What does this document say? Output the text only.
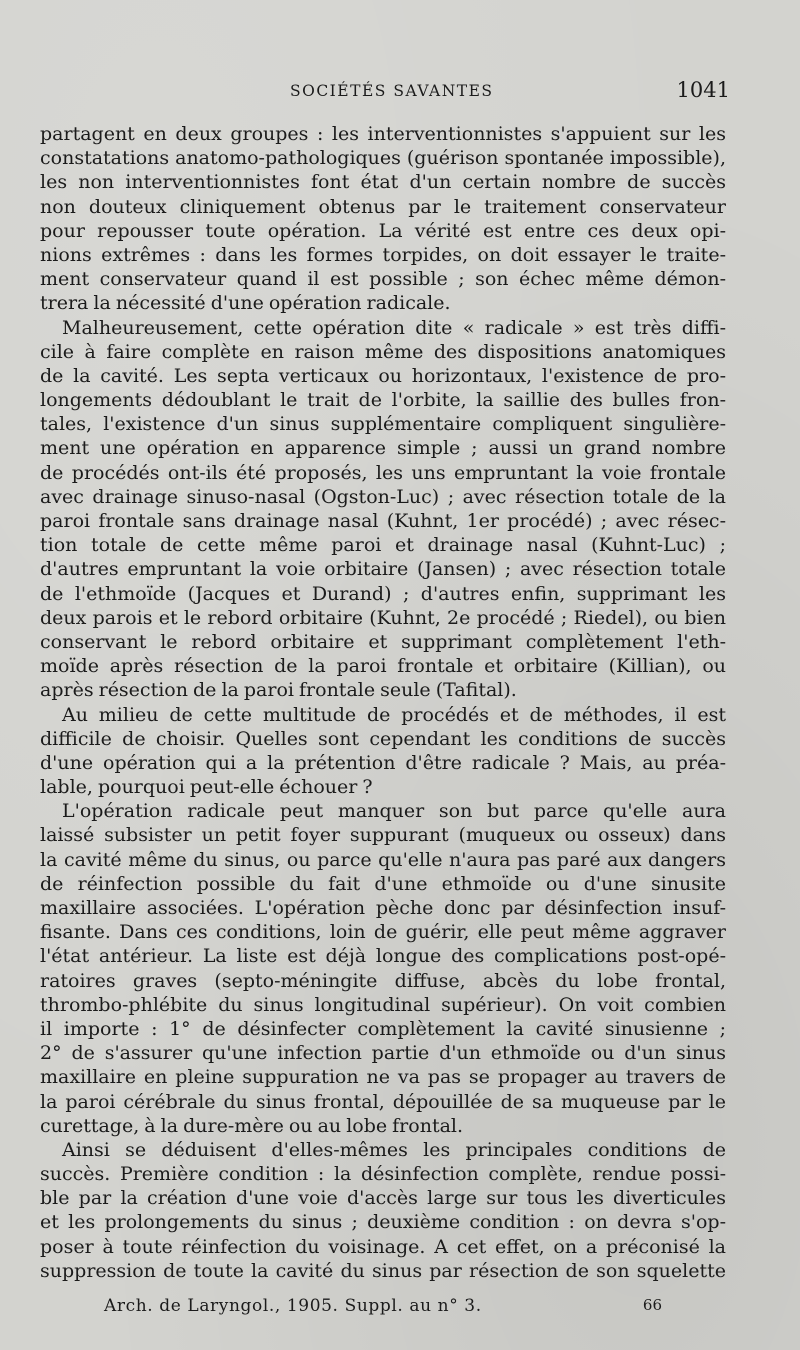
SOCIÉTÉS SAVANTES	1041
partagent en deux groupes : les interventionnistes s'appuient sur les
constatations anatomo-pathologiques (guérison spontanée impossible),
les non interventionnistes font état d'un certain nombre de succès
non douteux cliniquement obtenus par le traitement conservateur
pour repousser toute opération. La vérité est entre ces deux opi-
nions extrêmes : dans les formes torpides, on doit essayer le traite-
ment conservateur quand il est possible ; son échec même démon-
trera la nécessité d'une opération radicale.
Malheureusement, cette opération dite « radicale » est très diffi-
cile à faire complète en raison même des dispositions anatomiques
de la cavité. Les septa verticaux ou horizontaux, l'existence de pro-
longements dédoublant le trait de l'orbite, la saillie des bulles fron-
tales, l'existence d'un sinus supplémentaire compliquent singulière-
ment une opération en apparence simple ; aussi un grand nombre
de procédés ont-ils été proposés, les uns empruntant la voie frontale
avec drainage sinuso-nasal (Ogston-Luc) ; avec résection totale de la
paroi frontale sans drainage nasal (Kuhnt, 1er procédé) ; avec résec-
tion totale de cette même paroi et drainage nasal (Kuhnt-Luc) ;
d'autres empruntant la voie orbitaire (Jansen) ; avec résection totale
de l'ethmoïde (Jacques et Durand) ; d'autres enfin, supprimant les
deux parois et le rebord orbitaire (Kuhnt, 2e procédé ; Riedel), ou bien
conservant le rebord orbitaire et supprimant complètement l'eth-
moïde après résection de la paroi frontale et orbitaire (Killian), ou
après résection de la paroi frontale seule (Tafital).
Au milieu de cette multitude de procédés et de méthodes, il est
difficile de choisir. Quelles sont cependant les conditions de succès
d'une opération qui a la prétention d'être radicale ? Mais, au préa-
lable, pourquoi peut-elle échouer ?
L'opération radicale peut manquer son but parce qu'elle aura
laissé subsister un petit foyer suppurant (muqueux ou osseux) dans
la cavité même du sinus, ou parce qu'elle n'aura pas paré aux dangers
de réinfection possible du fait d'une ethmoïde ou d'une sinusite
maxillaire associées. L'opération pèche donc par désinfection insuf-
fisante. Dans ces conditions, loin de guérir, elle peut même aggraver
l'état antérieur. La liste est déjà longue des complications post-opé-
ratoires graves (septo-méningite diffuse, abcès du lobe frontal,
thrombo-phlébite du sinus longitudinal supérieur). On voit combien
il importe : 1° de désinfecter complètement la cavité sinusienne ;
2° de s'assurer qu'une infection partie d'un ethmoïde ou d'un sinus
maxillaire en pleine suppuration ne va pas se propager au travers de
la paroi cérébrale du sinus frontal, dépouillée de sa muqueuse par le
curettage, à la dure-mère ou au lobe frontal.
Ainsi se déduisent d'elles-mêmes les principales conditions de
succès. Première condition : la désinfection complète, rendue possi-
ble par la création d'une voie d'accès large sur tous les diverticules
et les prolongements du sinus ; deuxième condition : on devra s'op-
poser à toute réinfection du voisinage. A cet effet, on a préconisé la
suppression de toute la cavité du sinus par résection de son squelette
Arch. de Laryngol., 1905. Suppl. au n° 3.	66
